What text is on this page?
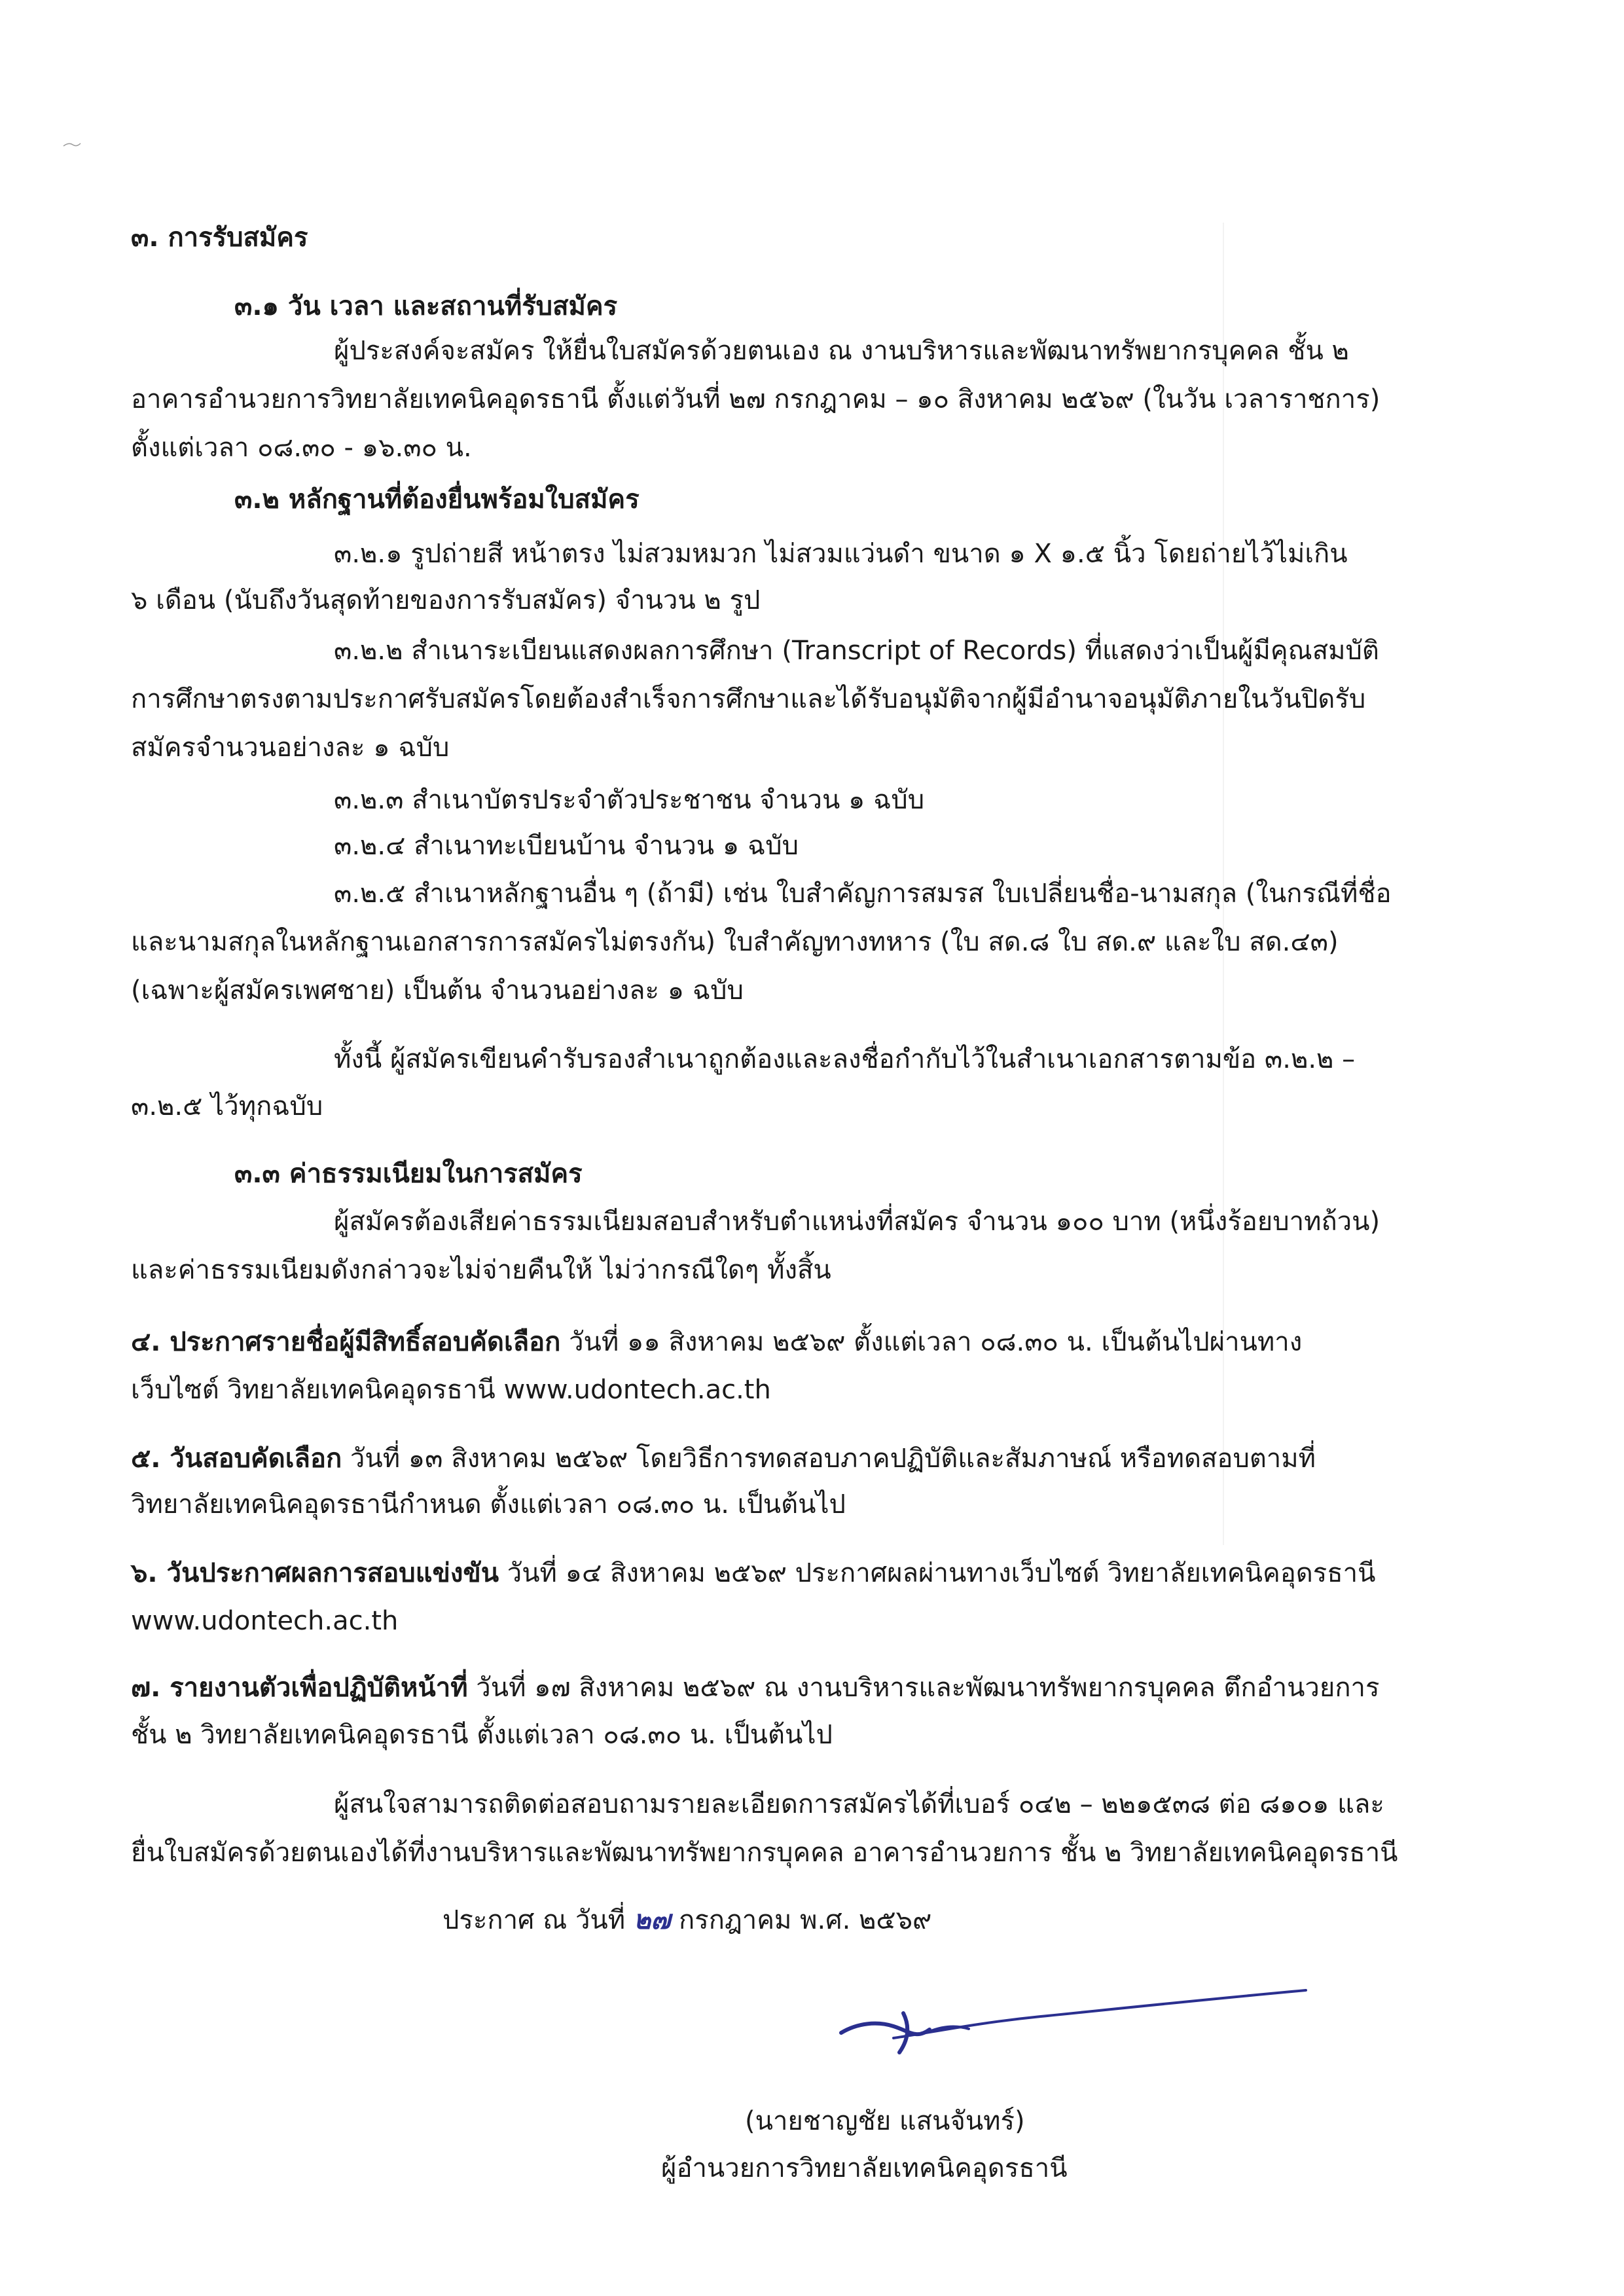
๓. การรับสมัคร
๓.๑ วัน เวลา และสถานที่รับสมัคร
ผู้ประสงค์จะสมัคร ให้ยื่นใบสมัครด้วยตนเอง ณ งานบริหารและพัฒนาทรัพยากรบุคคล ชั้น ๒
อาคารอำนวยการวิทยาลัยเทคนิคอุดรธานี ตั้งแต่วันที่ ๒๗ กรกฎาคม – ๑๐ สิงหาคม ๒๕๖๙ (ในวัน เวลาราชการ)
ตั้งแต่เวลา ๐๘.๓๐ - ๑๖.๓๐ น.
๓.๒ หลักฐานที่ต้องยื่นพร้อมใบสมัคร
๓.๒.๑ รูปถ่ายสี หน้าตรง ไม่สวมหมวก ไม่สวมแว่นดำ ขนาด ๑ X ๑.๕ นิ้ว โดยถ่ายไว้ไม่เกิน
๖ เดือน (นับถึงวันสุดท้ายของการรับสมัคร) จำนวน ๒ รูป
๓.๒.๒ สำเนาระเบียนแสดงผลการศึกษา (Transcript of Records) ที่แสดงว่าเป็นผู้มีคุณสมบัติ
การศึกษาตรงตามประกาศรับสมัครโดยต้องสำเร็จการศึกษาและได้รับอนุมัติจากผู้มีอำนาจอนุมัติภายในวันปิดรับ
สมัครจำนวนอย่างละ ๑ ฉบับ
๓.๒.๓ สำเนาบัตรประจำตัวประชาชน จำนวน ๑ ฉบับ
๓.๒.๔ สำเนาทะเบียนบ้าน จำนวน ๑ ฉบับ
๓.๒.๕ สำเนาหลักฐานอื่น ๆ (ถ้ามี) เช่น ใบสำคัญการสมรส ใบเปลี่ยนชื่อ-นามสกุล (ในกรณีที่ชื่อ
และนามสกุลในหลักฐานเอกสารการสมัครไม่ตรงกัน) ใบสำคัญทางทหาร (ใบ สด.๘ ใบ สด.๙ และใบ สด.๔๓)
(เฉพาะผู้สมัครเพศชาย) เป็นต้น จำนวนอย่างละ ๑ ฉบับ
ทั้งนี้ ผู้สมัครเขียนคำรับรองสำเนาถูกต้องและลงชื่อกำกับไว้ในสำเนาเอกสารตามข้อ ๓.๒.๒ –
๓.๒.๕ ไว้ทุกฉบับ
๓.๓ ค่าธรรมเนียมในการสมัคร
ผู้สมัครต้องเสียค่าธรรมเนียมสอบสำหรับตำแหน่งที่สมัคร จำนวน ๑๐๐ บาท (หนึ่งร้อยบาทถ้วน)
และค่าธรรมเนียมดังกล่าวจะไม่จ่ายคืนให้ ไม่ว่ากรณีใดๆ ทั้งสิ้น
๔. ประกาศรายชื่อผู้มีสิทธิ์สอบคัดเลือก วันที่ ๑๑ สิงหาคม ๒๕๖๙ ตั้งแต่เวลา ๐๘.๓๐ น. เป็นต้นไปผ่านทาง
เว็บไซต์ วิทยาลัยเทคนิคอุดรธานี www.udontech.ac.th
๕. วันสอบคัดเลือก วันที่ ๑๓ สิงหาคม ๒๕๖๙ โดยวิธีการทดสอบภาคปฏิบัติและสัมภาษณ์ หรือทดสอบตามที่
วิทยาลัยเทคนิคอุดรธานีกำหนด ตั้งแต่เวลา ๐๘.๓๐ น. เป็นต้นไป
๖. วันประกาศผลการสอบแข่งขัน วันที่ ๑๔ สิงหาคม ๒๕๖๙ ประกาศผลผ่านทางเว็บไซต์ วิทยาลัยเทคนิคอุดรธานี
www.udontech.ac.th
๗. รายงานตัวเพื่อปฏิบัติหน้าที่ วันที่ ๑๗ สิงหาคม ๒๕๖๙ ณ งานบริหารและพัฒนาทรัพยากรบุคคล ตึกอำนวยการ
ชั้น ๒ วิทยาลัยเทคนิคอุดรธานี ตั้งแต่เวลา ๐๘.๓๐ น. เป็นต้นไป
ผู้สนใจสามารถติดต่อสอบถามรายละเอียดการสมัครได้ที่เบอร์ ๐๔๒ – ๒๒๑๕๓๘ ต่อ ๘๑๐๑ และ
ยื่นใบสมัครด้วยตนเองได้ที่งานบริหารและพัฒนาทรัพยากรบุคคล อาคารอำนวยการ ชั้น ๒ วิทยาลัยเทคนิคอุดรธานี
ประกาศ ณ วันที่ ๒๗ กรกฎาคม พ.ศ. ๒๕๖๙
(นายชาญชัย แสนจันทร์)
ผู้อำนวยการวิทยาลัยเทคนิคอุดรธานี
